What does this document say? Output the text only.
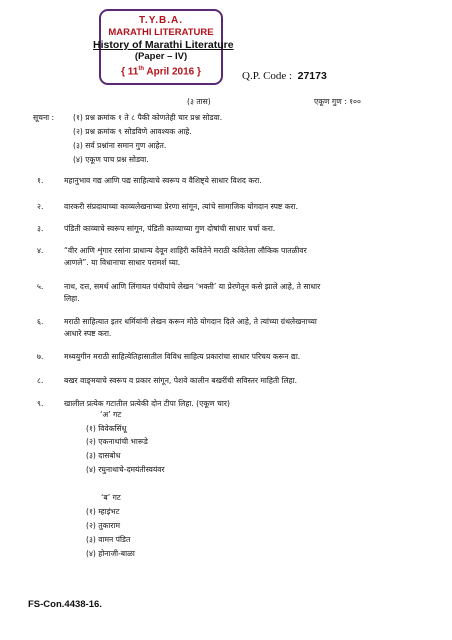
T.Y.B.A.
MARATHI LITERATURE
History of Marathi Literature
(Paper – IV)
{ 11th April 2016 }	Q.P. Code : 27173
(३ तास)	एकूण गुण : १००
सूचना : (१) प्रश्न क्रमांक १ ते ८ पैकी कोणतेही चार प्रश्न सोडवा.
(२) प्रश्न क्रमांक ९ सोडविणे आवश्यक आहे.
(३) सर्व प्रश्नांना समान गुण आहेत.
(४) एकूण पाच प्रश्न सोडवा.
१.	महानुभाव गद्य आणि पद्य साहित्याचे स्वरूप व वैशिष्ट्ये साधार विशद करा.
२.	वारकरी संप्रदायाच्या काव्यलेखनाच्या प्रेरणा सांगून, त्यांचे सामाजिक योगदान स्पष्ट करा.
३.	पंडिती काव्याचे स्वरूप सांगून, पंडिती काव्याच्या गुण दोषांची साधार चर्चा करा.
४.	“वीर आणि शृंगार रसांना प्राधान्य देवून शाहिरी कवितेने मराठी कवितेला लौकिक पातळीवर
आणले”. या विधानाचा साधार परामर्श घ्या.
५.	नाथ, दत्त, समर्थ आणि लिंगायत पंथीयांचे लेखन ‘भक्ती’ या प्रेरणेतून कसे झाले आहे, ते साधार
लिहा.
६.	मराठी साहित्यात इतर धर्मियांनी लेखन करून मोठे योगदान दिले आहे, ते त्यांच्या ग्रंथलेखनाच्या
आधारे स्पष्ट करा.
७.	मध्ययुगीन मराठी साहित्येतिहासातील विविध साहित्य प्रकारांचा साधार परिचय करून द्या.
८.	बखर वाङ्‌मयाचे स्वरूप व प्रकार सांगून, पेशवे कालीन बखरींची सविस्तर माहिती लिहा.
९.	खालील प्रत्येक गटातील प्रत्येकी दोन टीपा लिहा. (एकूण चार)
‘अ’ गट
(१) विवेकसिंधू
(२) एकनाथांची भारूडे
(३) दासबोध
(४) रघुनाथाचे-दमयंतीस्वयंवर
‘ब’ गट
(१) म्हाइंभट
(२) तुकाराम
(३) वामन पंडित
(४) होनाजी-बाळा
FS-Con.4438-16.
